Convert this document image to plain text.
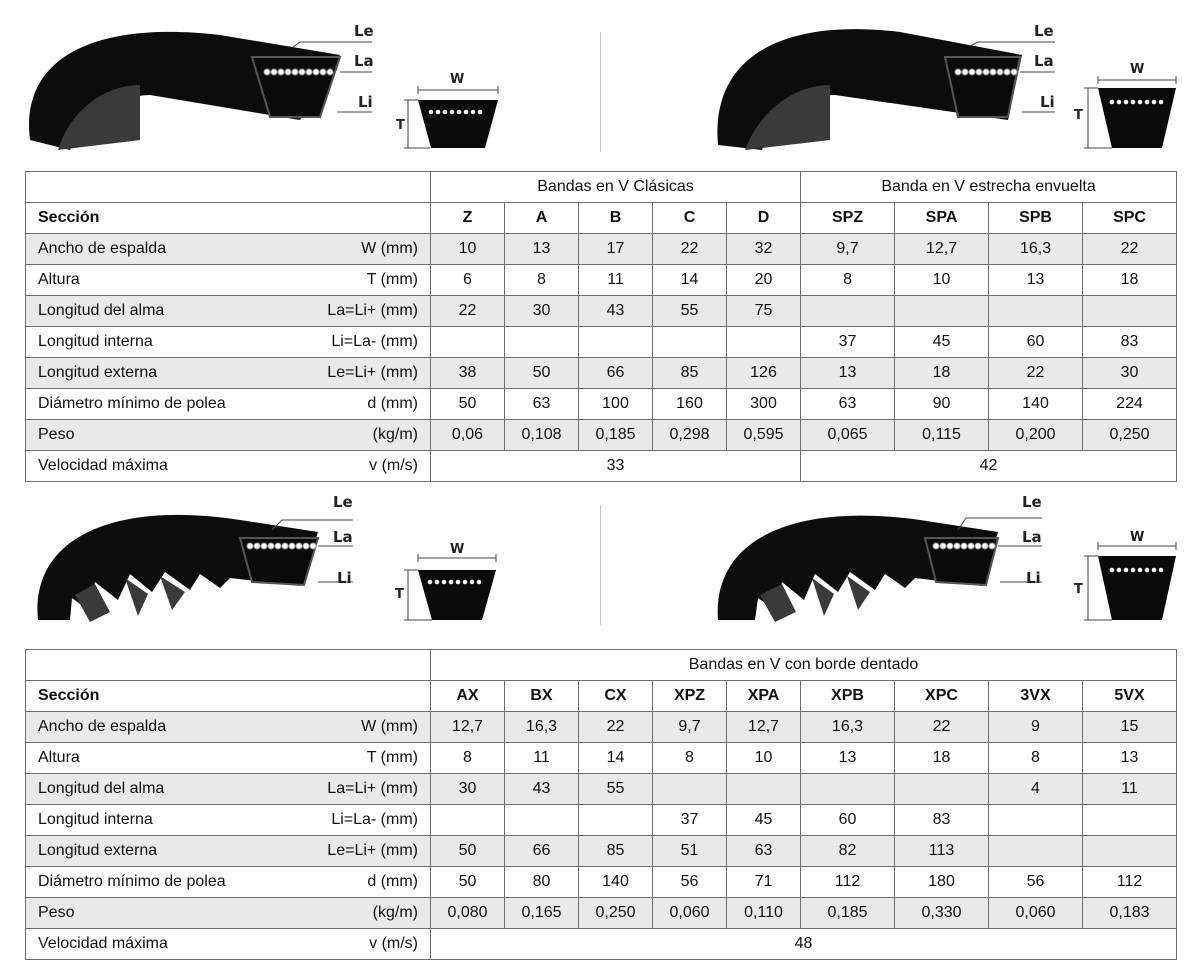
Le
La
Li
W
T
Le
La
Li
W
T
	Bandas en V Clásicas					Banda en V estrecha envuelta			
Sección	Z	A	B	C	D	SPZ	SPA	SPB	SPC
Ancho de espalda W (mm)	10	13	17	22	32	9,7	12,7	16,3	22
Altura T (mm)	6	8	11	14	20	8	10	13	18
Longitud del alma La=Li+ (mm)	22	30	43	55	75				
Longitud interna Li=La- (mm)						37	45	60	83
Longitud externa Le=Li+ (mm)	38	50	66	85	126	13	18	22	30
Diámetro mínimo de polea d (mm)	50	63	100	160	300	63	90	140	224
Peso (kg/m)	0,06	0,108	0,185	0,298	0,595	0,065	0,115	0,200	0,250
Velocidad máxima v (m/s)	33					42			
Le
La
Li
W
T
Le
La
Li
W
T
	Bandas en V con borde dentado								
Sección	AX	BX	CX	XPZ	XPA	XPB	XPC	3VX	5VX
Ancho de espalda W (mm)	12,7	16,3	22	9,7	12,7	16,3	22	9	15
Altura T (mm)	8	11	14	8	10	13	18	8	13
Longitud del alma La=Li+ (mm)	30	43	55					4	11
Longitud interna Li=La- (mm)				37	45	60	83		
Longitud externa Le=Li+ (mm)	50	66	85	51	63	82	113		
Diámetro mínimo de polea d (mm)	50	80	140	56	71	112	180	56	112
Peso (kg/m)	0,080	0,165	0,250	0,060	0,110	0,185	0,330	0,060	0,183
Velocidad máxima v (m/s)	48								
